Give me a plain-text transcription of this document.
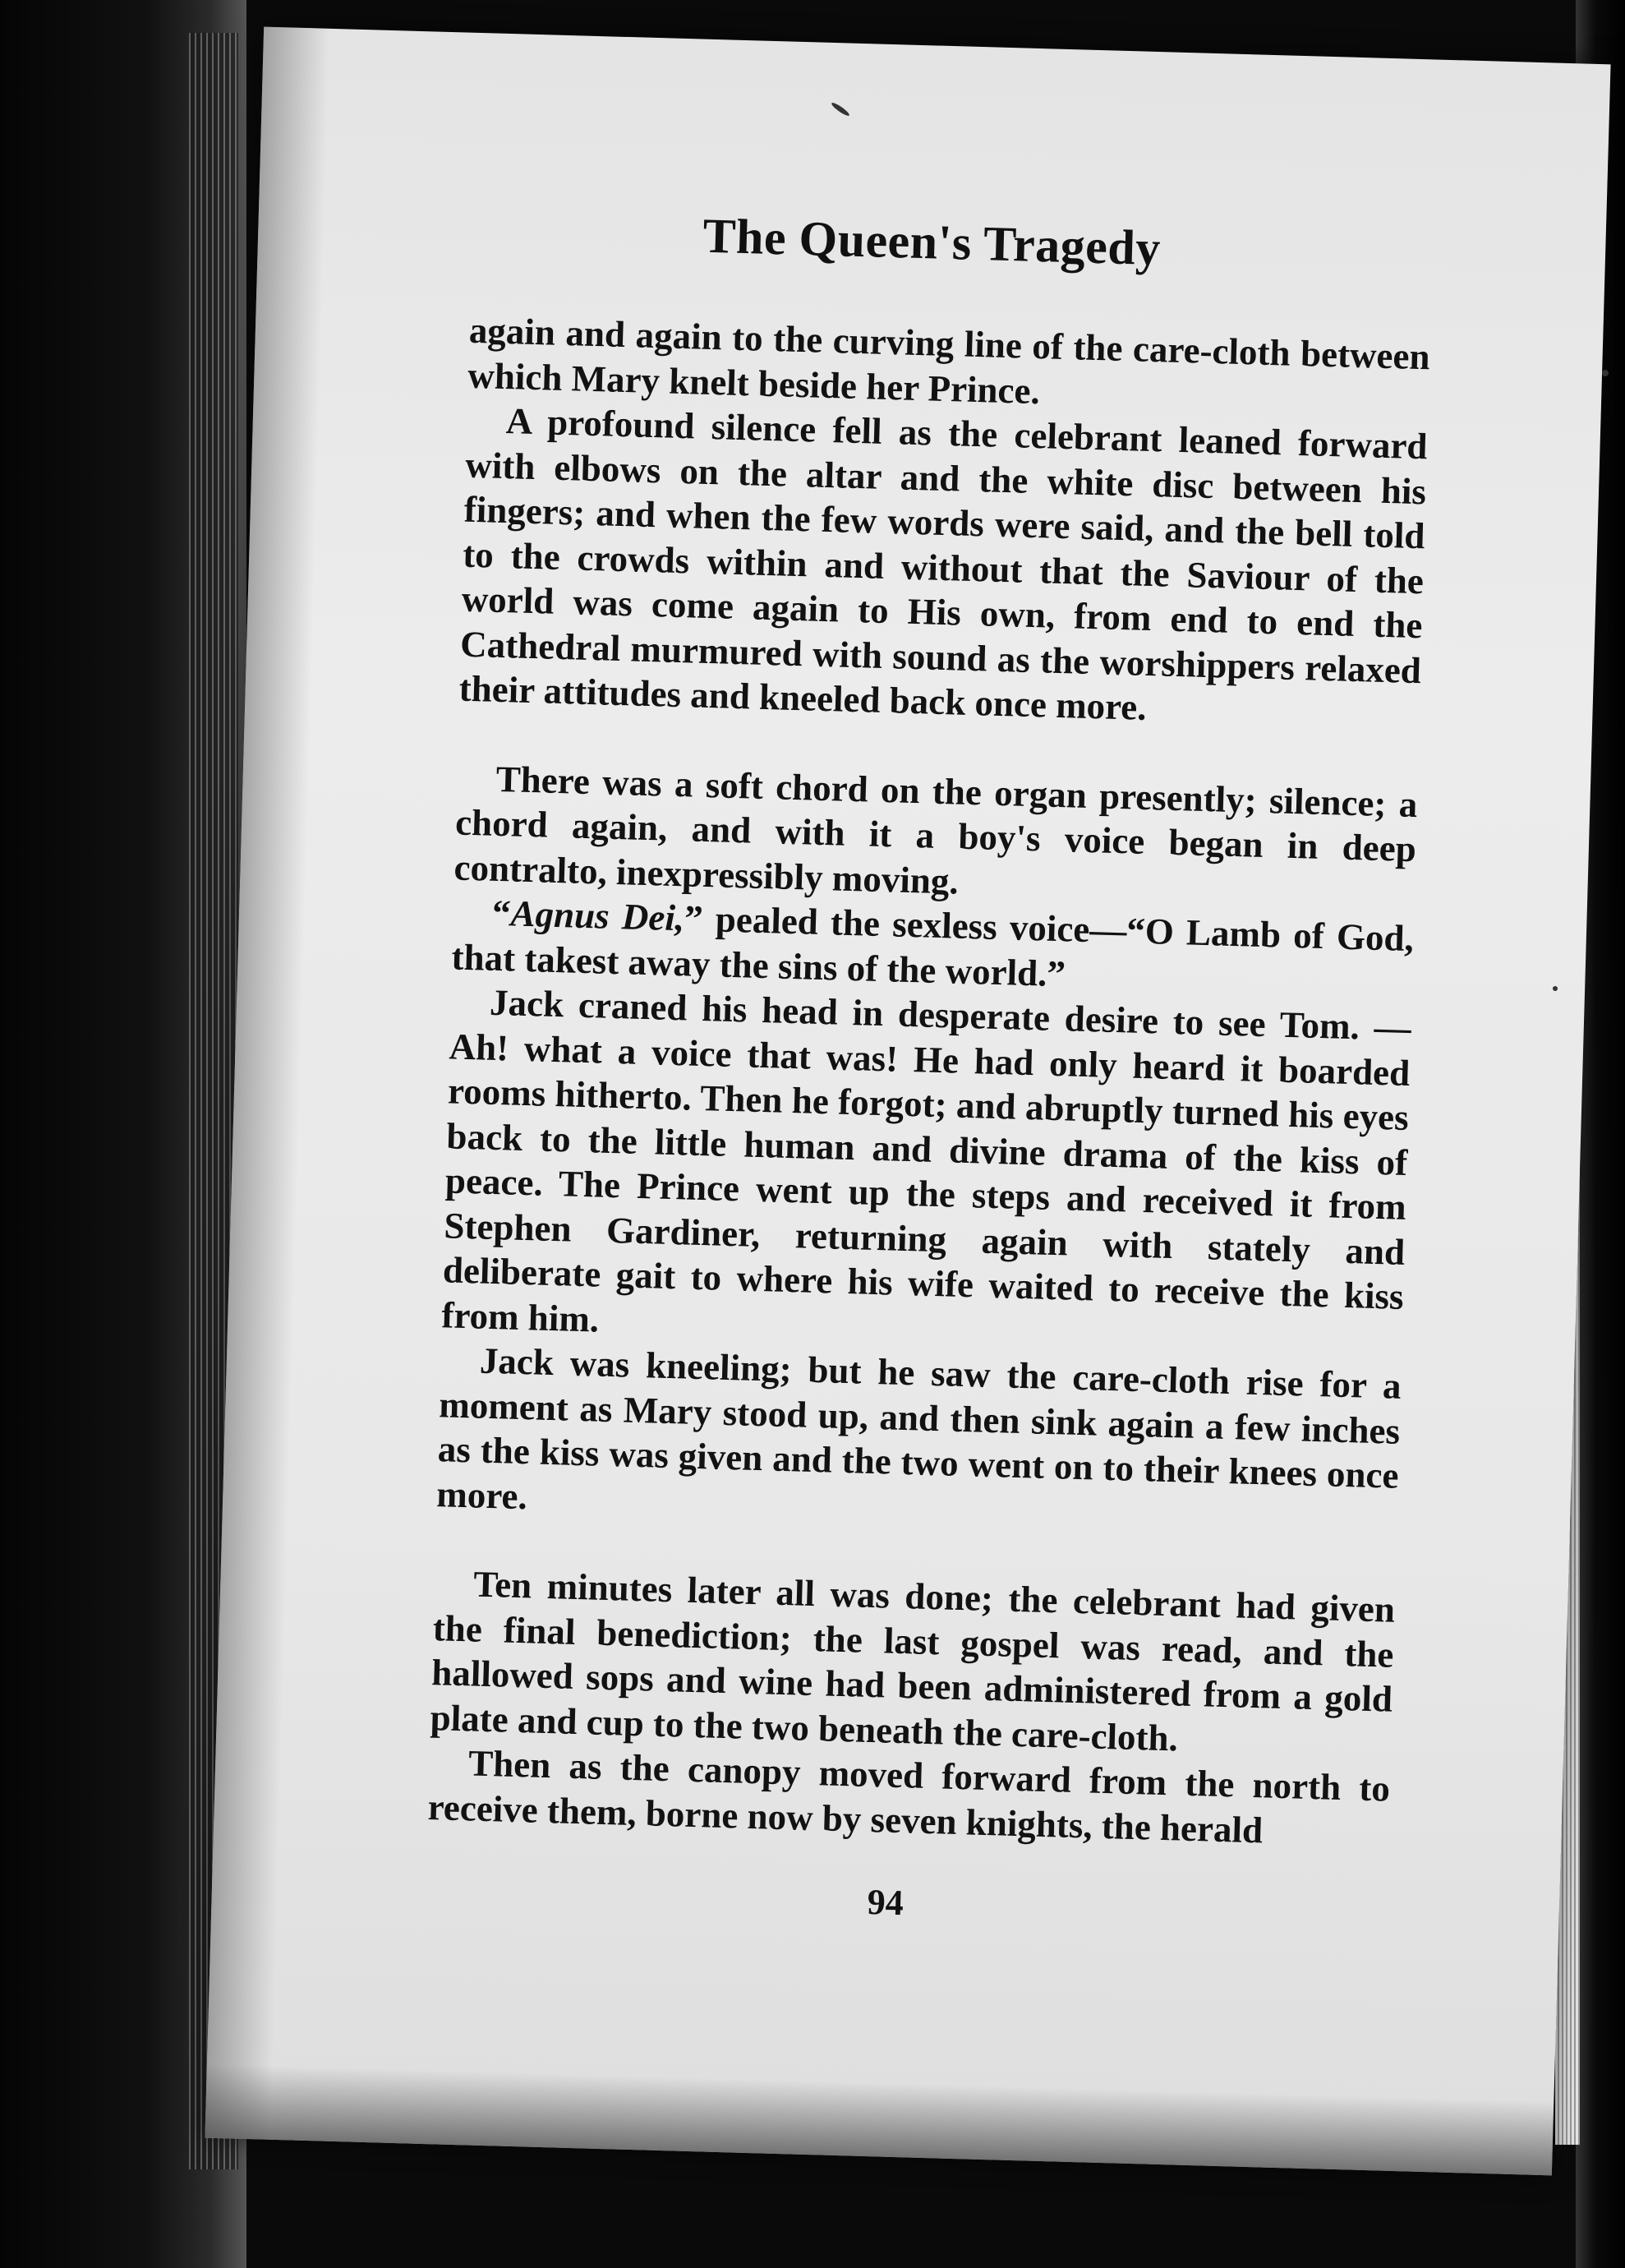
The Queen's Tragedy

again and again to the curving line of the care-cloth between which Mary knelt beside her Prince.

A profound silence fell as the celebrant leaned forward with elbows on the altar and the white disc between his fingers; and when the few words were said, and the bell told to the crowds within and without that the Saviour of the world was come again to His own, from end to end the Cathedral murmured with sound as the worshippers relaxed their attitudes and kneeled back once more.

There was a soft chord on the organ presently; silence; a chord again, and with it a boy's voice began in deep contralto, inexpressibly moving.

“Agnus Dei,” pealed the sexless voice—“O Lamb of God, that takest away the sins of the world.”

Jack craned his head in desperate desire to see Tom. —Ah! what a voice that was! He had only heard it boarded rooms hitherto. Then he forgot; and abruptly turned his eyes back to the little human and divine drama of the kiss of peace. The Prince went up the steps and received it from Stephen Gardiner, returning again with stately and deliberate gait to where his wife waited to receive the kiss from him.

Jack was kneeling; but he saw the care-cloth rise for a moment as Mary stood up, and then sink again a few inches as the kiss was given and the two went on to their knees once more.

Ten minutes later all was done; the celebrant had given the final benediction; the last gospel was read, and the hallowed sops and wine had been administered from a gold plate and cup to the two beneath the care-cloth.

Then as the canopy moved forward from the north to receive them, borne now by seven knights, the herald

94
